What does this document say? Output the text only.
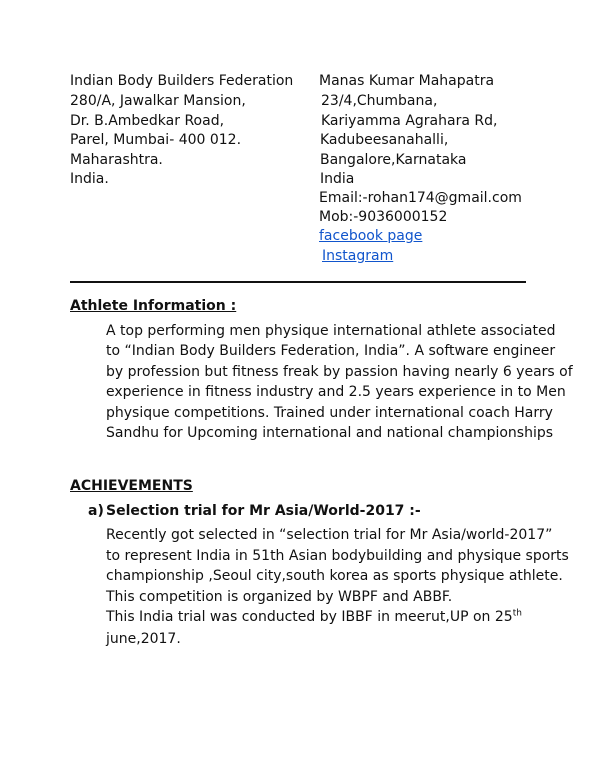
Indian Body Builders Federation
280/A, Jawalkar Mansion,
Dr. B.Ambedkar Road,
Parel, Mumbai- 400 012.
Maharashtra.
India.
Manas Kumar Mahapatra
23/4,Chumbana,
Kariyamma Agrahara Rd,
Kadubeesanahalli,
Bangalore,Karnataka
India
Email:-rohan174@gmail.com
Mob:-9036000152
facebook page
Instagram
Athlete Information :
A top performing men physique international athlete associated
to “Indian Body Builders Federation, India”. A software engineer
by profession but fitness freak by passion having nearly 6 years of
experience in fitness industry and 2.5 years experience in to Men
physique competitions. Trained under international coach Harry
Sandhu for Upcoming international and national championships
ACHIEVEMENTS
a) Selection trial for Mr Asia/World-2017 :-
Recently got selected in “selection trial for Mr Asia/world-2017”
to represent India in 51th Asian bodybuilding and physique sports
championship ,Seoul city,south korea as sports physique athlete.
This competition is organized by WBPF and ABBF.
This India trial was conducted by IBBF in meerut,UP on 25th
june,2017.
